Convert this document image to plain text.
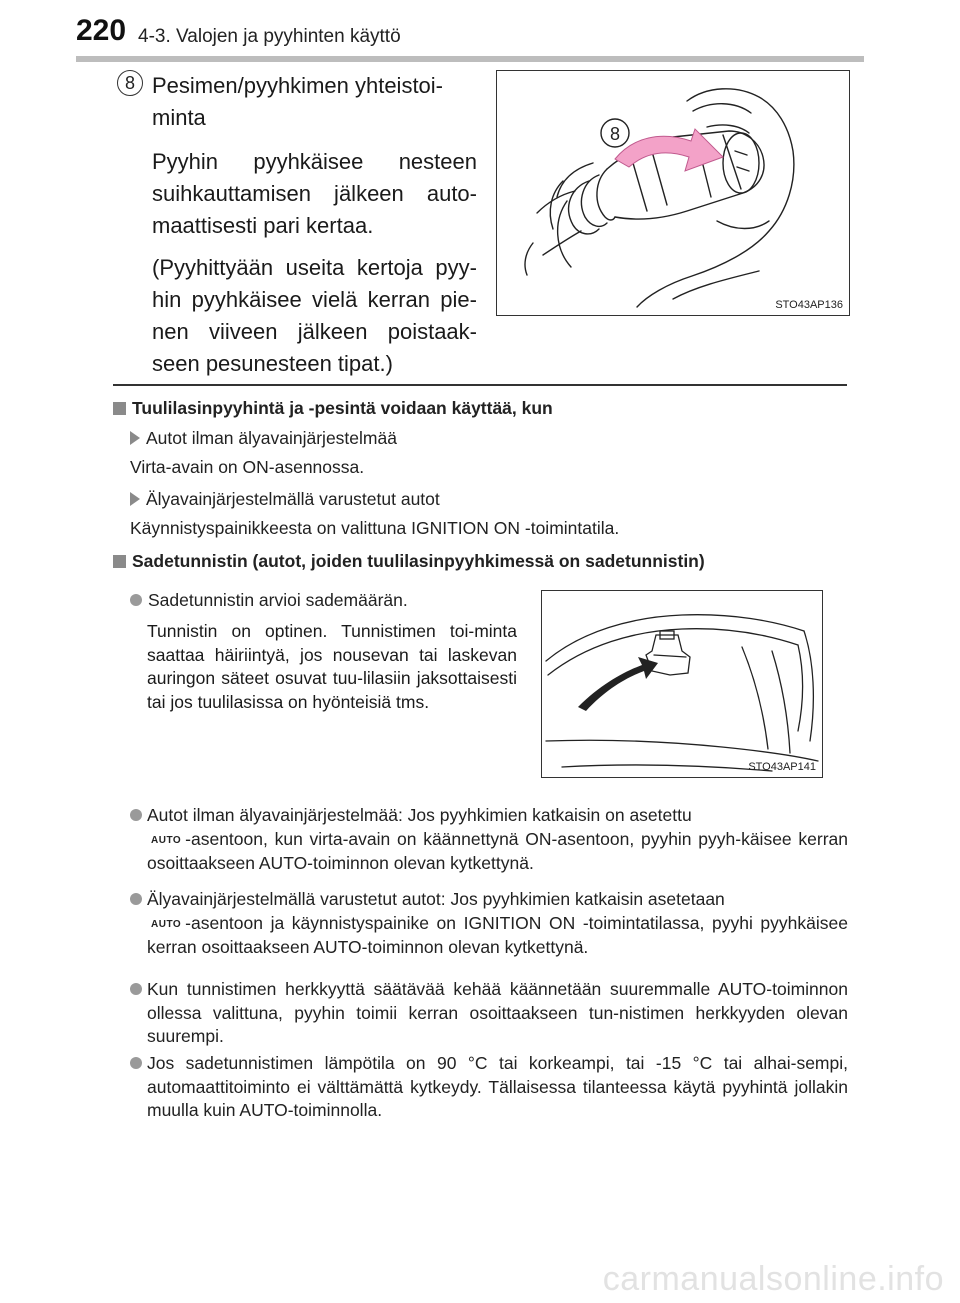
220 4-3. Valojen ja pyyhinten käyttö
8 Pesimen/pyyhkimen yhteistoi-minta

Pyyhin pyyhkäisee nesteen suihkauttamisen jälkeen auto-maattisesti pari kertaa.

(Pyyhittyään useita kertoja pyy-hin pyyhkäisee vielä kerran pie-nen viiveen jälkeen poistaak-seen pesunesteen tipat.)

8
STO43AP136
Tuulilasinpyyhintä ja -pesintä voidaan käyttää, kun
Autot ilman älyavainjärjestelmää
Virta-avain on ON-asennossa.
Älyavainjärjestelmällä varustetut autot
Käynnistyspainikkeesta on valittuna IGNITION ON -toimintatila.
Sadetunnistin (autot, joiden tuulilasinpyyhkimessä on sadetunnistin)
Sadetunnistin arvioi sademäärän.
Tunnistin on optinen. Tunnistimen toi-minta saattaa häiriintyä, jos nousevan tai laskevan auringon säteet osuvat tuu-lilasiin jaksottaisesti tai jos tuulilasissa on hyönteisiä tms.
STO43AP141
Autot ilman älyavainjärjestelmää: Jos pyyhkimien katkaisin on asetettu
AUTO -asentoon, kun virta-avain on käännettynä ON-asentoon, pyyhin pyyh-käisee kerran osoittaakseen AUTO-toiminnon olevan kytkettynä.
Älyavainjärjestelmällä varustetut autot: Jos pyyhkimien katkaisin asetetaan
AUTO -asentoon ja käynnistyspainike on IGNITION ON -toimintatilassa, pyyhi pyyhkäisee kerran osoittaakseen AUTO-toiminnon olevan kytkettynä.
Kun tunnistimen herkkyyttä säätävää kehää käännetään suuremmalle AUTO-toiminnon ollessa valittuna, pyyhin toimii kerran osoittaakseen tun-nistimen herkkyyden olevan suurempi.
Jos sadetunnistimen lämpötila on 90 °C tai korkeampi, tai -15 °C tai alhai-sempi, automaattitoiminto ei välttämättä kytkeydy. Tällaisessa tilanteessa käytä pyyhintä jollakin muulla kuin AUTO-toiminnolla.
carmanualsonline.info
